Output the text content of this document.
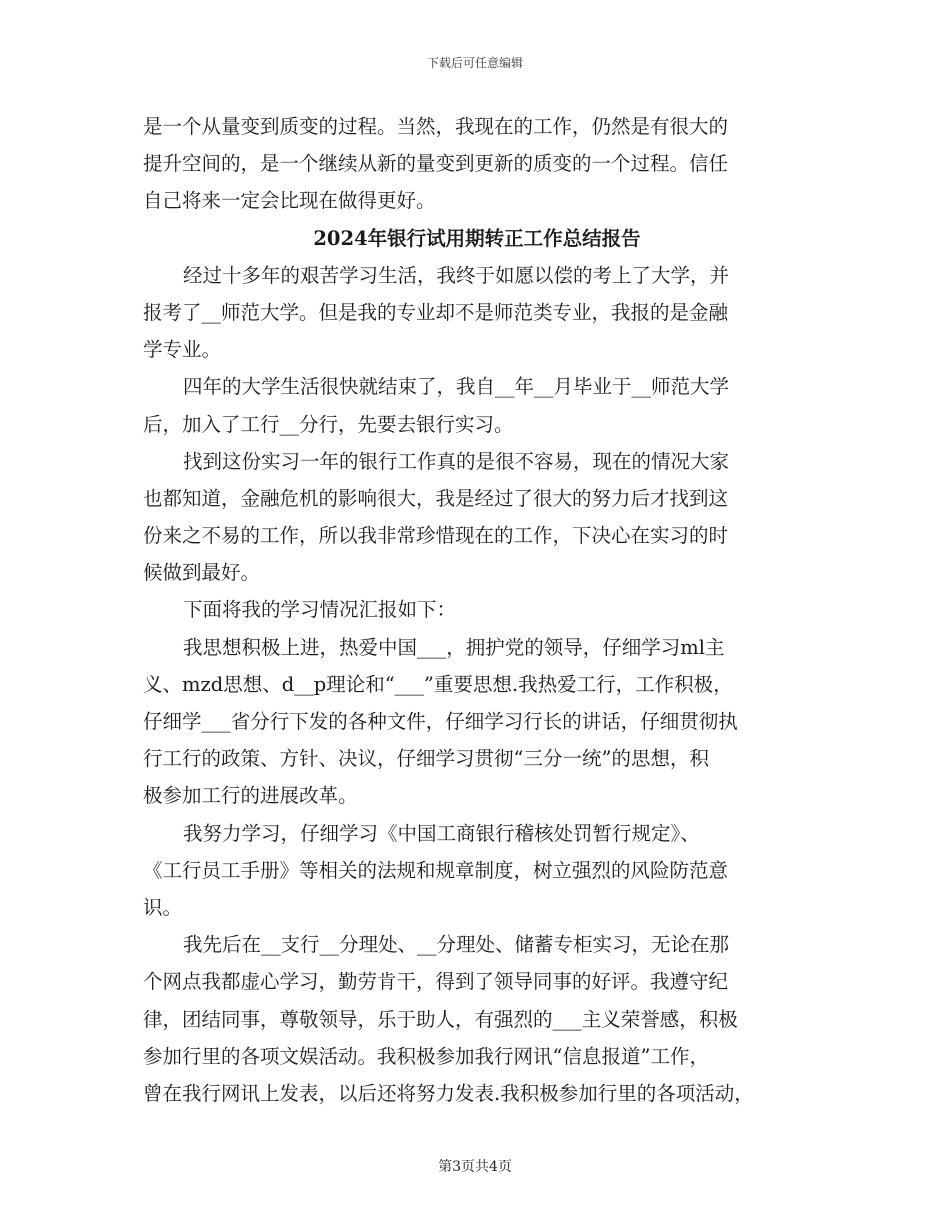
下载后可任意编辑
是一个从量变到质变的过程。当然，我现在的工作，仍然是有很大的
提升空间的，是一个继续从新的量变到更新的质变的一个过程。信任
自己将来一定会比现在做得更好。
2024年银行试用期转正工作总结报告
经过十多年的艰苦学习生活，我终于如愿以偿的考上了大学，并
报考了__师范大学。但是我的专业却不是师范类专业，我报的是金融
学专业。
四年的大学生活很快就结束了，我自__年__月毕业于__师范大学
后，加入了工行__分行，先要去银行实习。
找到这份实习一年的银行工作真的是很不容易，现在的情况大家
也都知道，金融危机的影响很大，我是经过了很大的努力后才找到这
份来之不易的工作，所以我非常珍惜现在的工作，下决心在实习的时
候做到最好。
下面将我的学习情况汇报如下：
我思想积极上进，热爱中国___，拥护党的领导，仔细学习ml主
义、mzd思想、d__p理论和“___”重要思想.我热爱工行，工作积极，
仔细学___省分行下发的各种文件，仔细学习行长的讲话，仔细贯彻执
行工行的政策、方针、决议，仔细学习贯彻“三分一统”的思想，积
极参加工行的进展改革。
我努力学习，仔细学习《中国工商银行稽核处罚暂行规定》、
《工行员工手册》等相关的法规和规章制度，树立强烈的风险防范意
识。
我先后在__支行__分理处、__分理处、储蓄专柜实习，无论在那
个网点我都虚心学习，勤劳肯干，得到了领导同事的好评。我遵守纪
律，团结同事，尊敬领导，乐于助人，有强烈的___主义荣誉感，积极
参加行里的各项文娱活动。我积极参加我行网讯“信息报道”工作，
曾在我行网讯上发表，以后还将努力发表.我积极参加行里的各项活动，
第3页共4页
